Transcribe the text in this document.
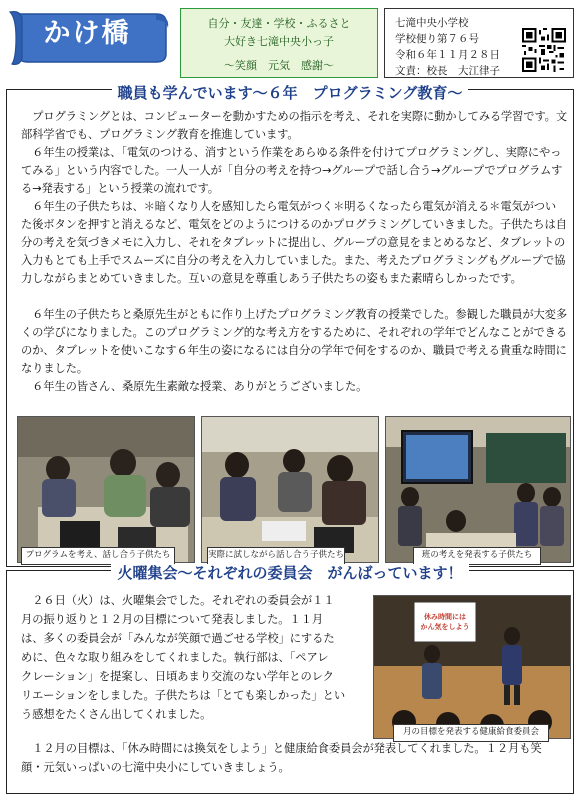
かけ橋	自分・友達・学校・ふるさと
大好き七滝中央小っ子
～笑顔　元気　感謝～
七滝中央小学校
学校便り第７６号
令和６年１１月２８日
文責：校長　大江律子
職員も学んでいます～６年　プログラミング教育～
　プログラミングとは、コンピューターを動かすための指示を考え、それを実際に動かしてみる学習です。文部科学省でも、プログラミング教育を推進しています。
　６年生の授業は、「電気のつける、消すという作業をあらゆる条件を付けてプログラミングし、実際にやってみる」という内容でした。一人一人が「自分の考えを持つ→グループで話し合う→グループでプログラムする→発表する」という授業の流れです。
　６年生の子供たちは、＊暗くなり人を感知したら電気がつく＊明るくなったら電気が消える＊電気がついた後ボタンを押すと消えるなど、電気をどのようにつけるのかプログラミングしていきました。子供たちは自分の考えを気づきメモに入力し、それをタブレットに提出し、グループの意見をまとめるなど、タブレットの入力もとても上手でスムーズに自分の考えを入力していました。また、考えたプログラミングもグループで協力しながらまとめていきました。互いの意見を尊重しあう子供たちの姿もまた素晴らしかったです。
　６年生の子供たちと桑原先生がともに作り上げたプログラミング教育の授業でした。参観した職員が大変多くの学びになりました。このプログラミング的な考え方をするために、それぞれの学年でどんなことができるのか、タブレットを使いこなす６年生の姿になるには自分の学年で何をするのか、職員で考える貴重な時間になりました。
　６年生の皆さん、桑原先生素敵な授業、ありがとうございました。
プログラムを考え、話し合う子供たち	実際に試しながら話し合う子供たち	班の考えを発表する子供たち
火曜集会～それぞれの委員会　がんばっています！
　２６日（火）は、火曜集会でした。それぞれの委員会が１１
月の振り返りと１２月の目標について発表しました。１１月
は、多くの委員会が「みんなが笑顔で過ごせる学校」にするた
めに、色々な取り組みをしてくれました。執行部は、「ペアレ
クレーション」を提案し、日頃あまり交流のない学年とのレク
リエーションをしました。子供たちは「とても楽しかった」とい
う感想をたくさん出してくれました。
　１２月の目標は、「休み時間には換気をしよう」と健康給食委員会が発表してくれました。１２月も笑顔・元気いっぱいの七滝中央小にしていきましょう。
休み時間には
かん気をしよう
月の目標を発表する健康給食委員会
